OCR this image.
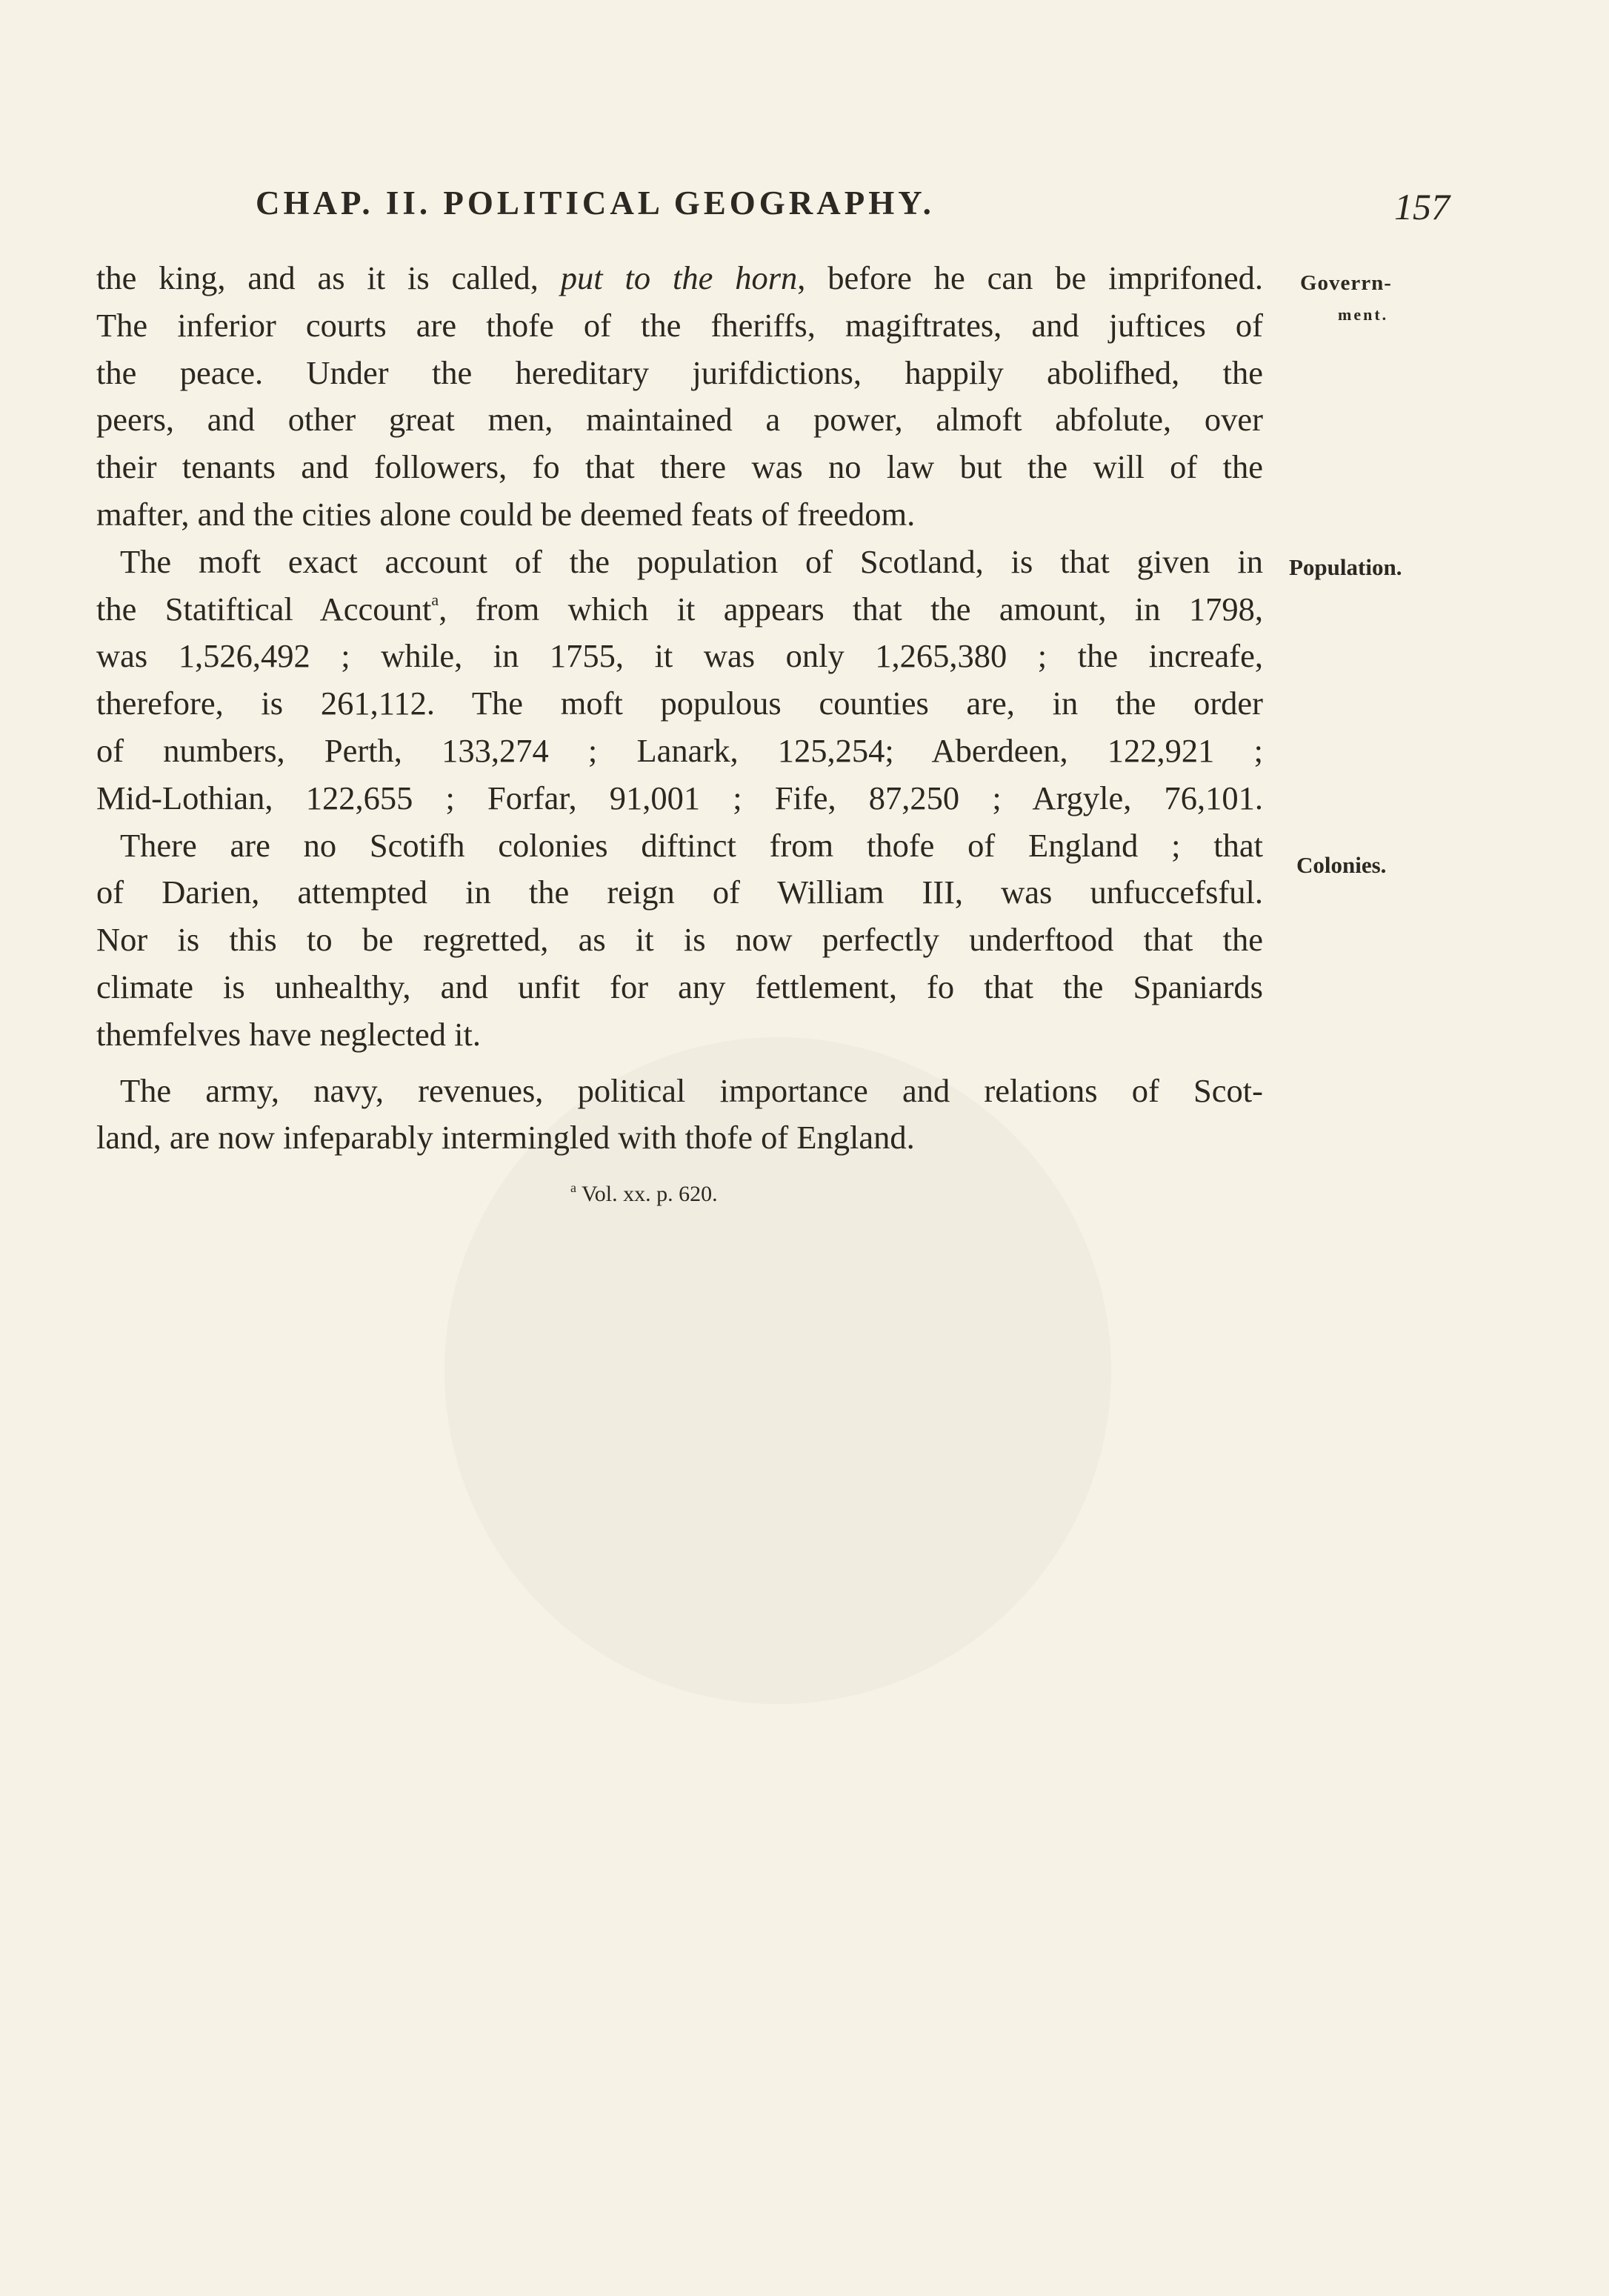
CHAP. II. POLITICAL GEOGRAPHY.	157
Goverrn-
ment.
Population.
Colonies.
the king, and as it is called, put to the horn, before he can be imprifoned.
The inferior courts are thofe of the fheriffs, magiftrates, and juftices of
the peace. Under the hereditary jurifdictions, happily abolifhed, the
peers, and other great men, maintained a power, almoft abfolute, over
their tenants and followers, fo that there was no law but the will of the
mafter, and the cities alone could be deemed feats of freedom.
The moft exact account of the population of Scotland, is that given in
the Statiftical Account$^a$, from which it appears that the amount, in 1798,
was 1,526,492 ; while, in 1755, it was only 1,265,380 ; the increafe,
therefore, is 261,112. The moft populous counties are, in the order
of numbers, Perth, 133,274 ; Lanark, 125,254; Aberdeen, 122,921 ;
Mid-Lothian, 122,655 ; Forfar, 91,001 ; Fife, 87,250 ; Argyle, 76,101.
There are no Scotifh colonies diftinct from thofe of England ; that
of Darien, attempted in the reign of William III, was unfuccefsful.
Nor is this to be regretted, as it is now perfectly underftood that the
climate is unhealthy, and unfit for any fettlement, fo that the Spaniards
themfelves have neglected it.
The army, navy, revenues, political importance and relations of Scot-
land, are now infeparably intermingled with thofe of England.
$^a$ Vol. xx. p. 620.
